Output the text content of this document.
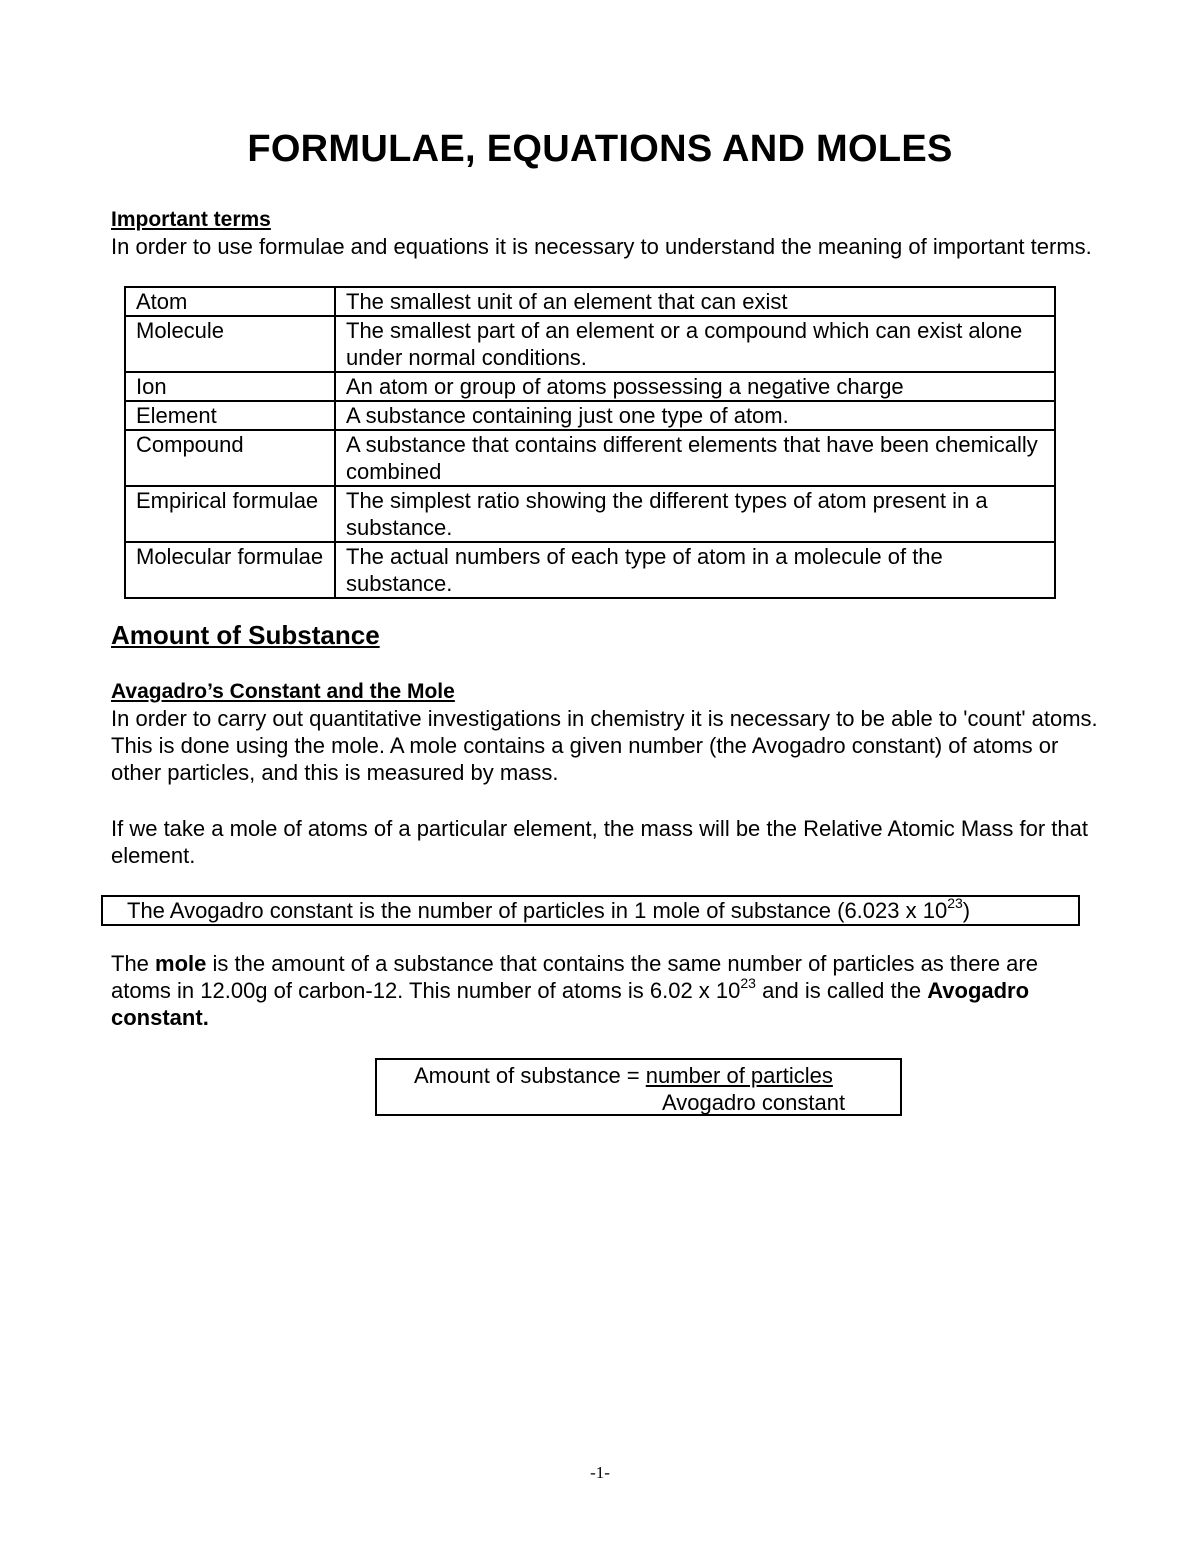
FORMULAE, EQUATIONS AND MOLES
Important terms
In order to use formulae and equations it is necessary to understand the meaning of important terms.
Atom	The smallest unit of an element that can exist
Molecule	The smallest part of an element or a compound which can exist alone under normal conditions.
Ion	An atom or group of atoms possessing a negative charge
Element	A substance containing just one type of atom.
Compound	A substance that contains different elements that have been chemically combined
Empirical formulae	The simplest ratio showing the different types of atom present in a substance.
Molecular formulae	The actual numbers of each type of atom in a molecule of the substance.
Amount of Substance
Avagadro’s Constant and the Mole
In order to carry out quantitative investigations in chemistry it is necessary to be able to 'count' atoms. This is done using the mole. A mole contains a given number (the Avogadro constant) of atoms or other particles, and this is measured by mass.
If we take a mole of atoms of a particular element, the mass will be the Relative Atomic Mass for that element.
The Avogadro constant is the number of particles in 1 mole of substance (6.023 x $10^{23}$)
The mole is the amount of a substance that contains the same number of particles as there are atoms in 12.00g of carbon-12. This number of atoms is 6.02 x $10^{23}$ and is called the Avogadro constant.
Amount of substance = number of particles
Avogadro constant
-1-
